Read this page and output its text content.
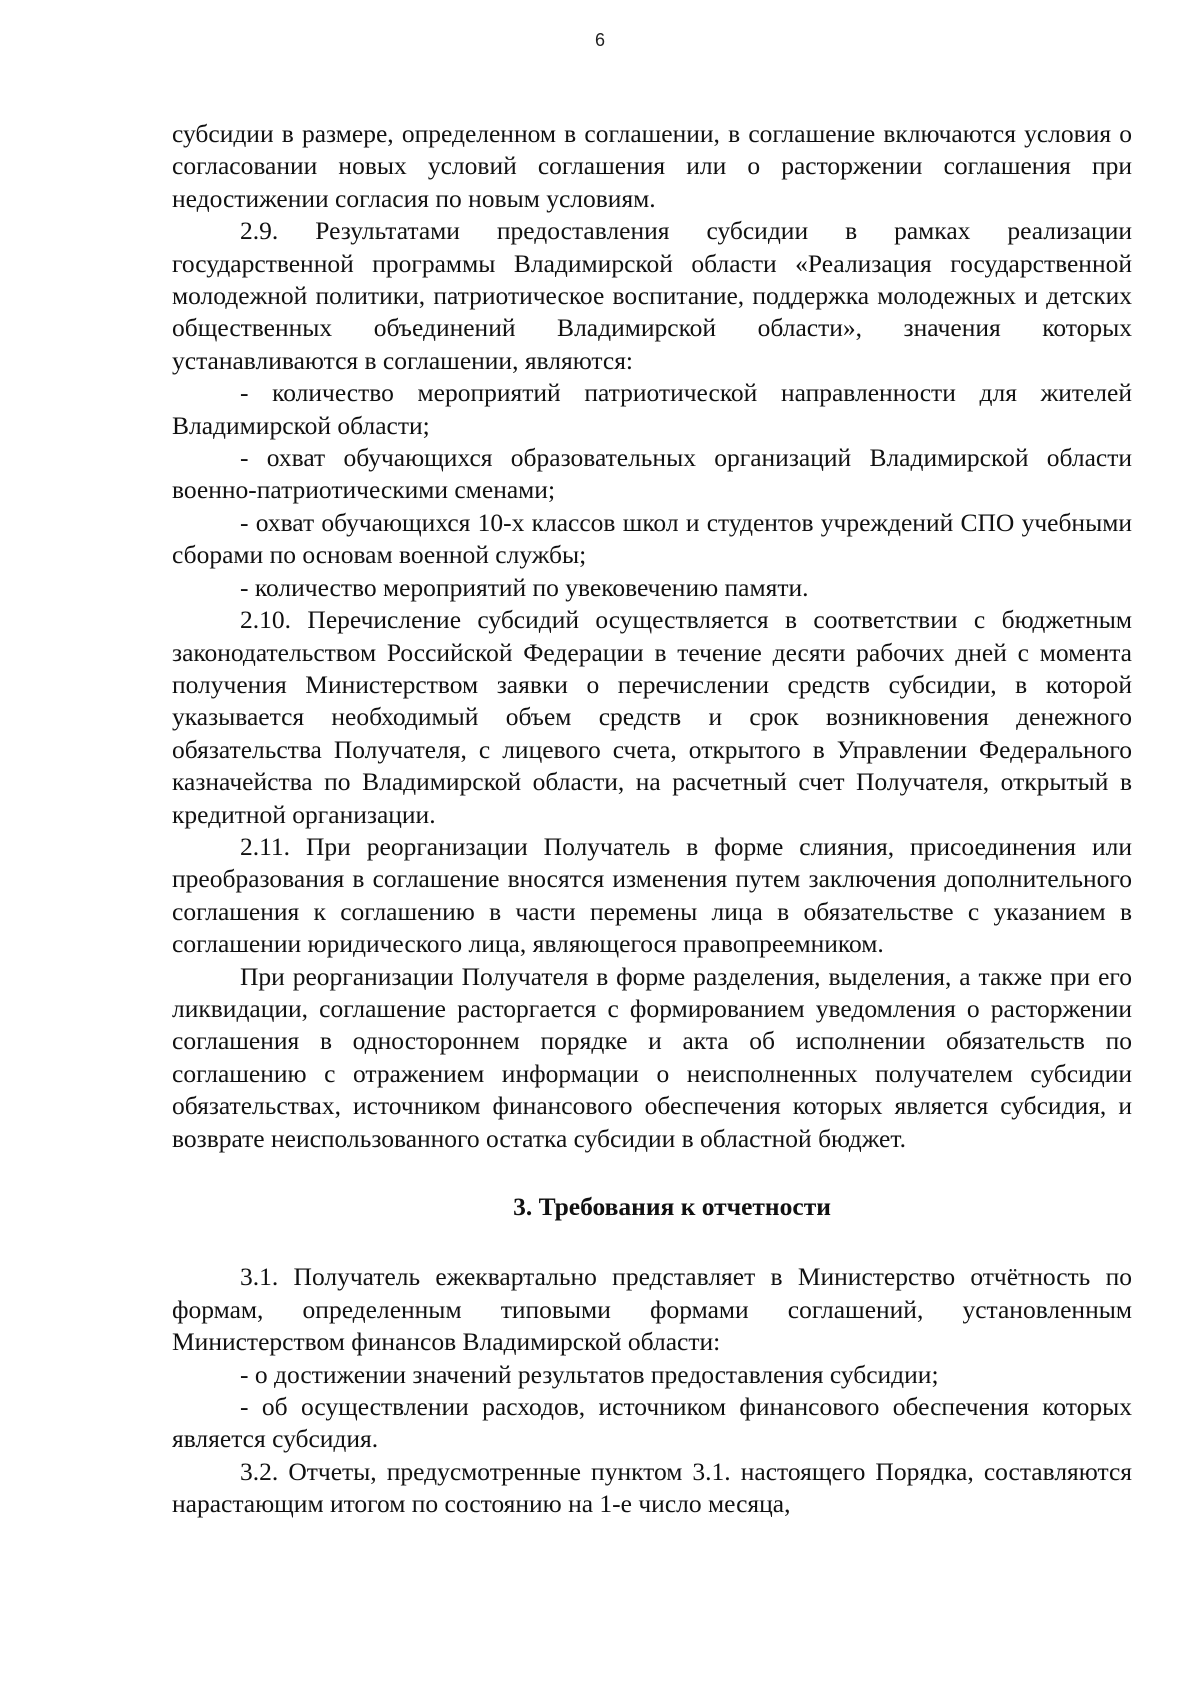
6

субсидии в размере, определенном в соглашении, в соглашение включаются условия о согласовании новых условий соглашения или о расторжении соглашения при недостижении согласия по новым условиям.

2.9. Результатами предоставления субсидии в рамках реализации государственной программы Владимирской области «Реализация государственной молодежной политики, патриотическое воспитание, поддержка молодежных и детских общественных объединений Владимирской области», значения которых устанавливаются в соглашении, являются:

- количество мероприятий патриотической направленности для жителей Владимирской области;

- охват обучающихся образовательных организаций Владимирской области военно-патриотическими сменами;

- охват обучающихся 10-х классов школ и студентов учреждений СПО учебными сборами по основам военной службы;

- количество мероприятий по увековечению памяти.

2.10. Перечисление субсидий осуществляется в соответствии с бюджетным законодательством Российской Федерации в течение десяти рабочих дней с момента получения Министерством заявки о перечислении средств субсидии, в которой указывается необходимый объем средств и срок возникновения денежного обязательства Получателя, с лицевого счета, открытого в Управлении Федерального казначейства по Владимирской области, на расчетный счет Получателя, открытый в кредитной организации.

2.11. При реорганизации Получатель в форме слияния, присоединения или преобразования в соглашение вносятся изменения путем заключения дополнительного соглашения к соглашению в части перемены лица в обязательстве с указанием в соглашении юридического лица, являющегося правопреемником.

При реорганизации Получателя в форме разделения, выделения, а также при его ликвидации, соглашение расторгается с формированием уведомления о расторжении соглашения в одностороннем порядке и акта об исполнении обязательств по соглашению с отражением информации о неисполненных получателем субсидии обязательствах, источником финансового обеспечения которых является субсидия, и возврате неиспользованного остатка субсидии в областной бюджет.

3. Требования к отчетности

3.1. Получатель ежеквартально представляет в Министерство отчётность по формам, определенным типовыми формами соглашений, установленным Министерством финансов Владимирской области:

- о достижении значений результатов предоставления субсидии;

- об осуществлении расходов, источником финансового обеспечения которых является субсидия.

3.2. Отчеты, предусмотренные пунктом 3.1. настоящего Порядка, составляются нарастающим итогом по состоянию на 1-е число месяца,
